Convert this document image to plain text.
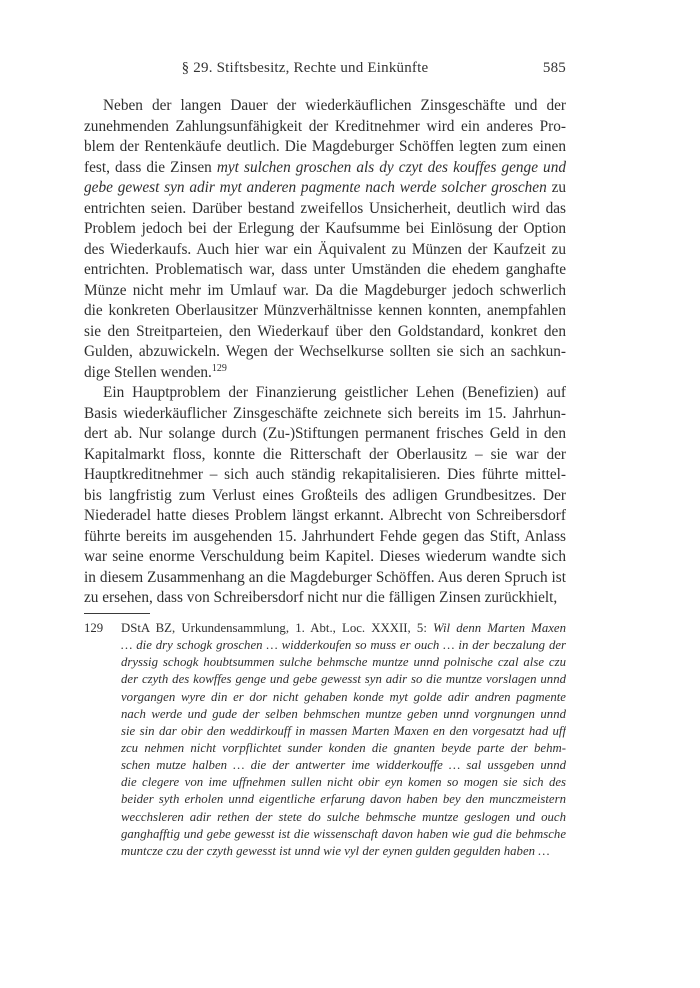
§ 29. Stiftsbesitz, Rechte und Einkünfte	585
Neben der langen Dauer der wiederkäuflichen Zinsgeschäfte und der
zunehmenden Zahlungsunfähigkeit der Kreditnehmer wird ein anderes Pro-
blem der Rentenkäufe deutlich. Die Magdeburger Schöffen legten zum einen
fest, dass die Zinsen myt sulchen groschen als dy czyt des kouffes genge und
gebe gewest syn adir myt anderen pagmente nach werde solcher groschen zu
entrichten seien. Darüber bestand zweifellos Unsicherheit, deutlich wird das
Problem jedoch bei der Erlegung der Kaufsumme bei Einlösung der Option
des Wiederkaufs. Auch hier war ein Äquivalent zu Münzen der Kaufzeit zu
entrichten. Problematisch war, dass unter Umständen die ehedem ganghafte
Münze nicht mehr im Umlauf war. Da die Magdeburger jedoch schwerlich
die konkreten Oberlausitzer Münzverhältnisse kennen konnten, anempfahlen
sie den Streitparteien, den Wiederkauf über den Goldstandard, konkret den
Gulden, abzuwickeln. Wegen der Wechselkurse sollten sie sich an sachkun-
dige Stellen wenden.$^{129}$
Ein Hauptproblem der Finanzierung geistlicher Lehen (Benefizien) auf
Basis wiederkäuflicher Zinsgeschäfte zeichnete sich bereits im 15. Jahrhun-
dert ab. Nur solange durch (Zu-)Stiftungen permanent frisches Geld in den
Kapitalmarkt floss, konnte die Ritterschaft der Oberlausitz – sie war der
Hauptkreditnehmer – sich auch ständig rekapitalisieren. Dies führte mittel-
bis langfristig zum Verlust eines Großteils des adligen Grundbesitzes. Der
Niederadel hatte dieses Problem längst erkannt. Albrecht von Schreibersdorf
führte bereits im ausgehenden 15. Jahrhundert Fehde gegen das Stift, Anlass
war seine enorme Verschuldung beim Kapitel. Dieses wiederum wandte sich
in diesem Zusammenhang an die Magdeburger Schöffen. Aus deren Spruch ist
zu ersehen, dass von Schreibersdorf nicht nur die fälligen Zinsen zurückhielt,
129	DStA BZ, Urkundensammlung, 1. Abt., Loc. XXXII, 5: Wil denn Marten Maxen
… die dry schogk groschen … widderkoufen so muss er ouch … in der beczalung der
dryssig schogk houbtsummen sulche behmsche muntze unnd polnische czal alse czu
der czyth des kowffes genge und gebe gewesst syn adir so die muntze vorslagen unnd
vorgangen wyre din er dor nicht gehaben konde myt golde adir andren pagmente
nach werde und gude der selben behmschen muntze geben unnd vorgnungen unnd
sie sin dar obir den weddirkouff in massen Marten Maxen en den vorgesatzt had uff
zcu nehmen nicht vorpflichtet sunder konden die gnanten beyde parte der behm-
schen mutze halben … die der antwerter ime widderkouffe … sal ussgeben unnd
die clegere von ime uffnehmen sullen nicht obir eyn komen so mogen sie sich des
beider syth erholen unnd eigentliche erfarung davon haben bey den munczmeistern
wecchsleren adir rethen der stete do sulche behmsche muntze geslogen und ouch
ganghafftig und gebe gewesst ist die wissenschaft davon haben wie gud die behmsche
muntcze czu der czyth gewesst ist unnd wie vyl der eynen gulden gegulden haben …
